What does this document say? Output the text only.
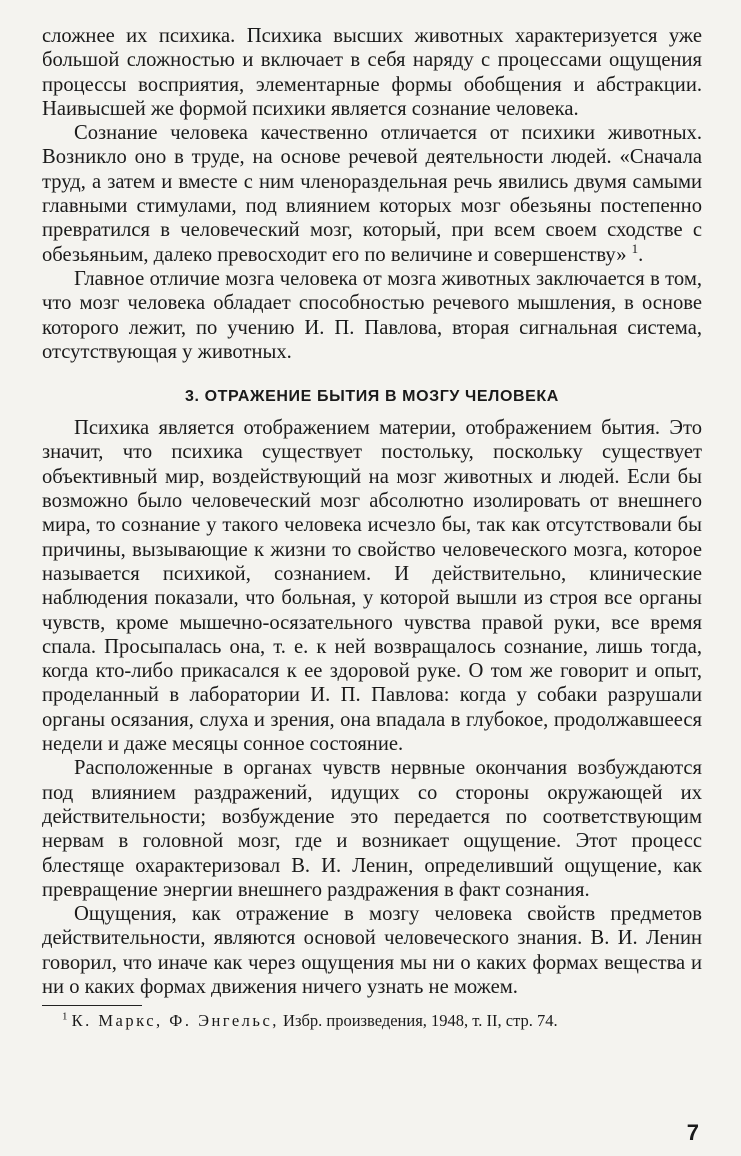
сложнее их психика. Психика высших животных характеризуется уже большой сложностью и включает в себя наряду с процессами ощущения процессы восприятия, элементарные формы обобщения и абстракции. Наивысшей же формой психики является сознание человека.

Сознание человека качественно отличается от психики животных. Возникло оно в труде, на основе речевой деятельности людей. «Сначала труд, а затем и вместе с ним членораздельная речь явились двумя самыми главными стимулами, под влиянием которых мозг обезьяны постепенно превратился в человеческий мозг, который, при всем своем сходстве с обезьяньим, далеко превосходит его по величине и совершенству» $^1$.

Главное отличие мозга человека от мозга животных заключается в том, что мозг человека обладает способностью речевого мышления, в основе которого лежит, по учению И. П. Павлова, вторая сигнальная система, отсутствующая у животных.

3. ОТРАЖЕНИЕ БЫТИЯ В МОЗГУ ЧЕЛОВЕКА

Психика является отображением материи, отображением бытия. Это значит, что психика существует постольку, поскольку существует объективный мир, воздействующий на мозг животных и людей. Если бы возможно было человеческий мозг абсолютно изолировать от внешнего мира, то сознание у такого человека исчезло бы, так как отсутствовали бы причины, вызывающие к жизни то свойство человеческого мозга, которое называется психикой, сознанием. И действительно, клинические наблюдения показали, что больная, у которой вышли из строя все органы чувств, кроме мышечно-осязательного чувства правой руки, все время спала. Просыпалась она, т. е. к ней возвращалось сознание, лишь тогда, когда кто-либо прикасался к ее здоровой руке. О том же говорит и опыт, проделанный в лаборатории И. П. Павлова: когда у собаки разрушали органы осязания, слуха и зрения, она впадала в глубокое, продолжавшееся недели и даже месяцы сонное состояние.

Расположенные в органах чувств нервные окончания возбуждаются под влиянием раздражений, идущих со стороны окружающей их действительности; возбуждение это передается по соответствующим нервам в головной мозг, где и возникает ощущение. Этот процесс блестяще охарактеризовал В. И. Ленин, определивший ощущение, как превращение энергии внешнего раздражения в факт сознания.

Ощущения, как отражение в мозгу человека свойств предметов действительности, являются основой человеческого знания. В. И. Ленин говорил, что иначе как через ощущения мы ни о каких формах вещества и ни о каких формах движения ничего узнать не можем.

$^1$ К. Маркс, Ф. Энгельс, Избр. произведения, 1948, т. II, стр. 74.

7
